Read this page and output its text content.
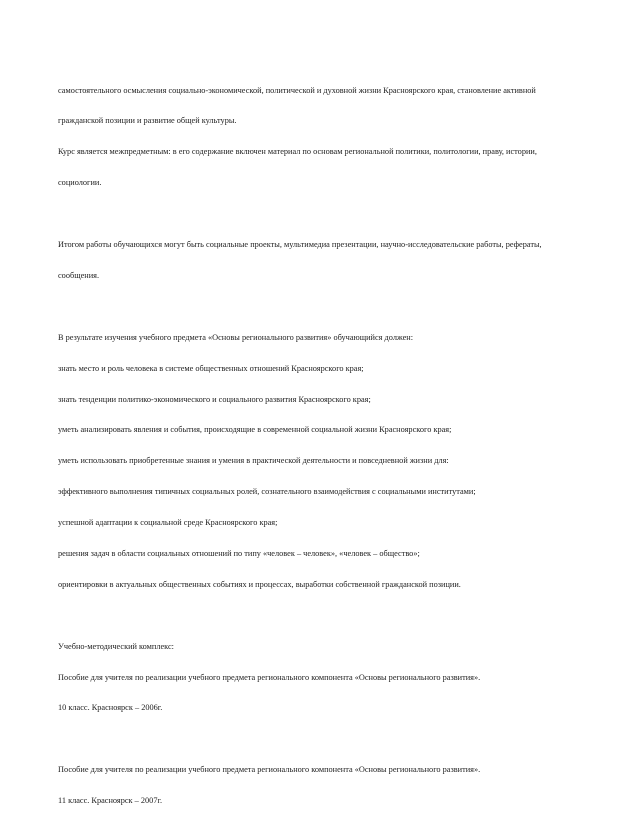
самостоятельного осмысления социально-экономической, политической и духовной жизни Красноярского края, становление активной

гражданской позиции и развитие общей культуры.

Курс является межпредметным: в его содержание включен материал по основам региональной политики, политологии, праву, истории,

социологии.

Итогом работы обучающихся могут быть социальные проекты, мультимедиа презентации, научно-исследовательские работы, рефераты,

сообщения.

В результате изучения учебного предмета «Основы регионального развития» обучающийся должен:

знать место и роль человека в системе общественных отношений Красноярского края;

знать тенденции политико-экономического и социального развития Красноярского края;

уметь анализировать явления и события, происходящие в современной социальной жизни Красноярского края;

уметь использовать приобретенные знания и умения в практической деятельности и повседневной жизни для:

эффективного выполнения типичных социальных ролей, сознательного взаимодействия с социальными институтами;

успешной адаптации к социальной среде Красноярского края;

решения задач в области социальных отношений по типу «человек – человек», «человек – общество»;

ориентировки в актуальных общественных событиях и процессах, выработки собственной гражданской позиции.

Учебно-методический комплекс:

Пособие для учителя по реализации учебного предмета регионального компонента «Основы регионального развития».

10 класс. Красноярск – 2006г.

Пособие для учителя по реализации учебного предмета регионального компонента «Основы регионального развития».

11 класс. Красноярск – 2007г.
